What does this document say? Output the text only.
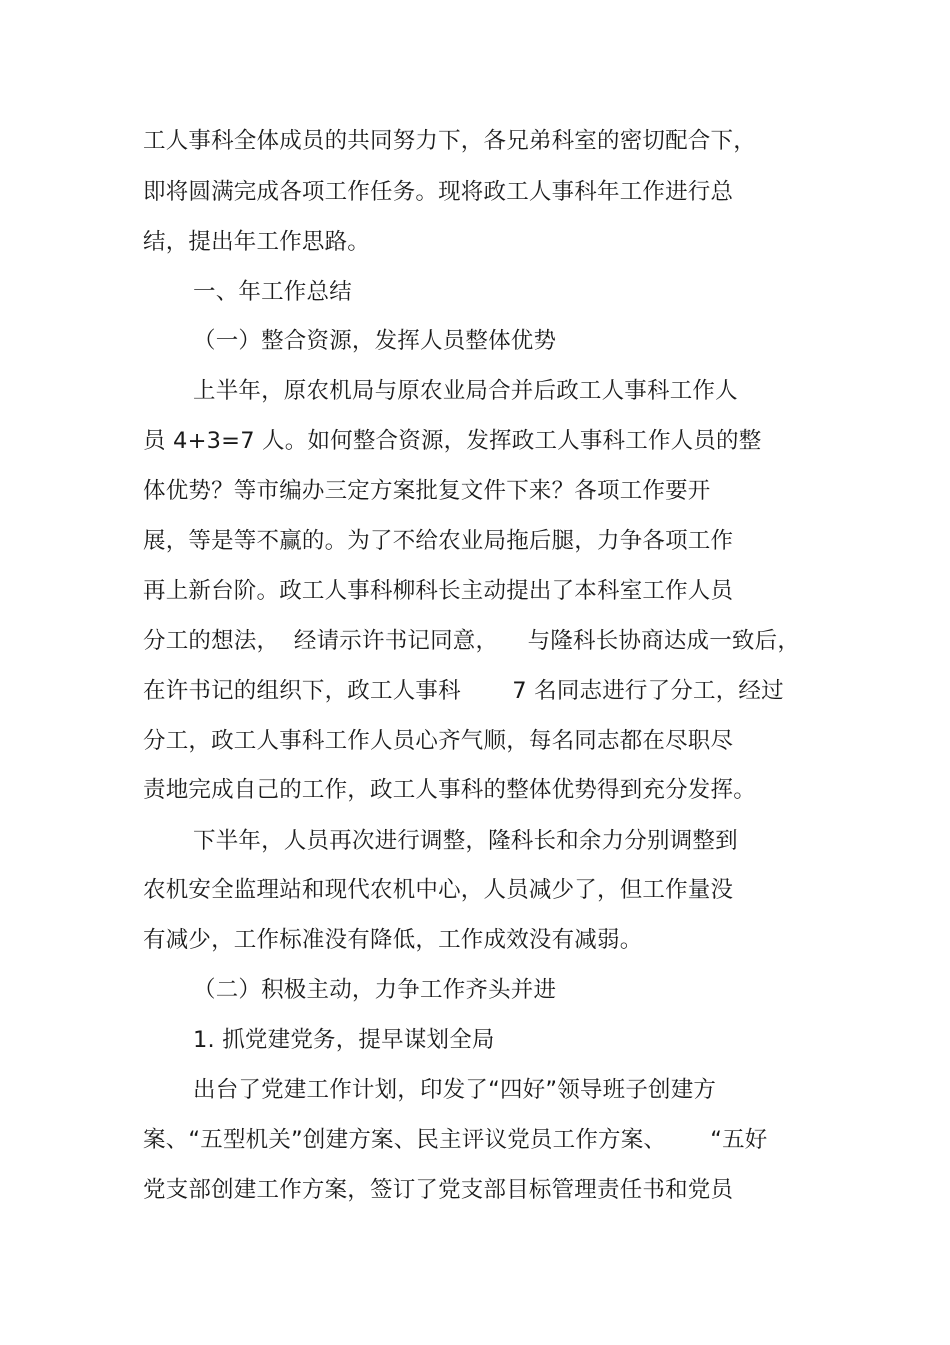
工人事科全体成员的共同努力下，各兄弟科室的密切配合下，
即将圆满完成各项工作任务。现将政工人事科年工作进行总
结，提出年工作思路。
一、年工作总结
（一）整合资源，发挥人员整体优势
上半年，原农机局与原农业局合并后政工人事科工作人
员 4+3=7 人。如何整合资源，发挥政工人事科工作人员的整
体优势？等市编办三定方案批复文件下来？各项工作要开
展，等是等不赢的。为了不给农业局拖后腿，力争各项工作
再上新台阶。政工人事科柳科长主动提出了本科室工作人员
分工的想法，  经请示许书记同意，    与隆科长协商达成一致后，
在许书记的组织下，政工人事科       7 名同志进行了分工，经过
分工，政工人事科工作人员心齐气顺，每名同志都在尽职尽
责地完成自己的工作，政工人事科的整体优势得到充分发挥。
下半年，人员再次进行调整，隆科长和余力分别调整到
农机安全监理站和现代农机中心，人员减少了，但工作量没
有减少，工作标准没有降低，工作成效没有减弱。
（二）积极主动，力争工作齐头并进
1. 抓党建党务，提早谋划全局
出台了党建工作计划，印发了“四好”领导班子创建方
案、“五型机关”创建方案、民主评议党员工作方案、      “五好
党支部创建工作方案，签订了党支部目标管理责任书和党员
